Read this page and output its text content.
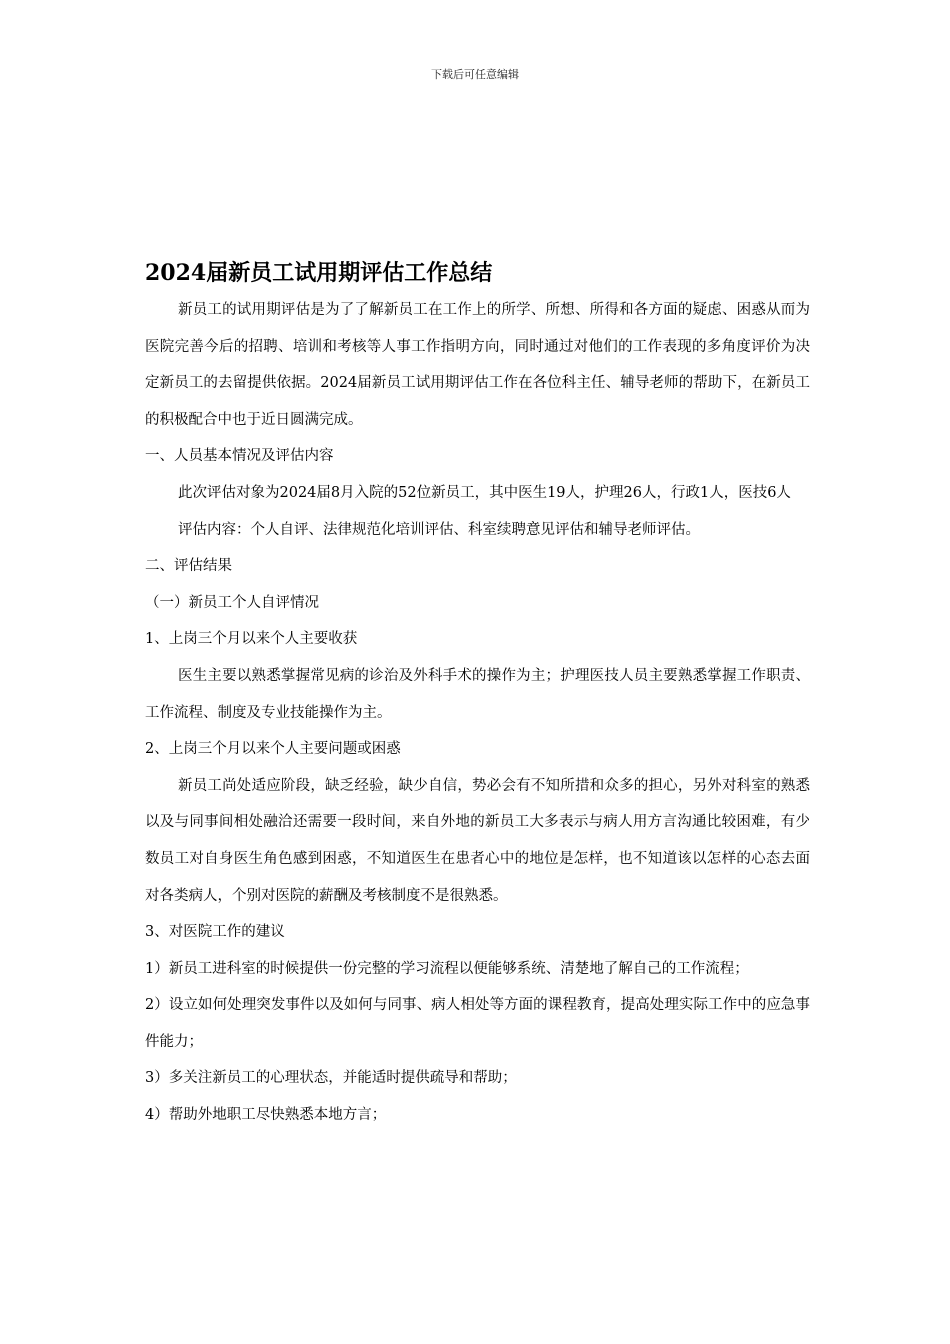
下载后可任意编辑
2024届新员工试用期评估工作总结

新员工的试用期评估是为了了解新员工在工作上的所学、所想、所得和各方面的疑虑、困惑从而为医院完善今后的招聘、培训和考核等人事工作指明方向，同时通过对他们的工作表现的多角度评价为决定新员工的去留提供依据。2024届新员工试用期评估工作在各位科主任、辅导老师的帮助下，在新员工的积极配合中也于近日圆满完成。

一、人员基本情况及评估内容

此次评估对象为2024届8月入院的52位新员工，其中医生19人，护理26人，行政1人，医技6人

评估内容：个人自评、法律规范化培训评估、科室续聘意见评估和辅导老师评估。

二、评估结果

（一）新员工个人自评情况

1、上岗三个月以来个人主要收获

医生主要以熟悉掌握常见病的诊治及外科手术的操作为主；护理医技人员主要熟悉掌握工作职责、工作流程、制度及专业技能操作为主。

2、上岗三个月以来个人主要问题或困惑

新员工尚处适应阶段，缺乏经验，缺少自信，势必会有不知所措和众多的担心，另外对科室的熟悉以及与同事间相处融洽还需要一段时间，来自外地的新员工大多表示与病人用方言沟通比较困难，有少数员工对自身医生角色感到困惑，不知道医生在患者心中的地位是怎样，也不知道该以怎样的心态去面对各类病人，个别对医院的薪酬及考核制度不是很熟悉。

3、对医院工作的建议

1）新员工进科室的时候提供一份完整的学习流程以便能够系统、清楚地了解自己的工作流程；

2）设立如何处理突发事件以及如何与同事、病人相处等方面的课程教育，提高处理实际工作中的应急事件能力；

3）多关注新员工的心理状态，并能适时提供疏导和帮助；

4）帮助外地职工尽快熟悉本地方言；
